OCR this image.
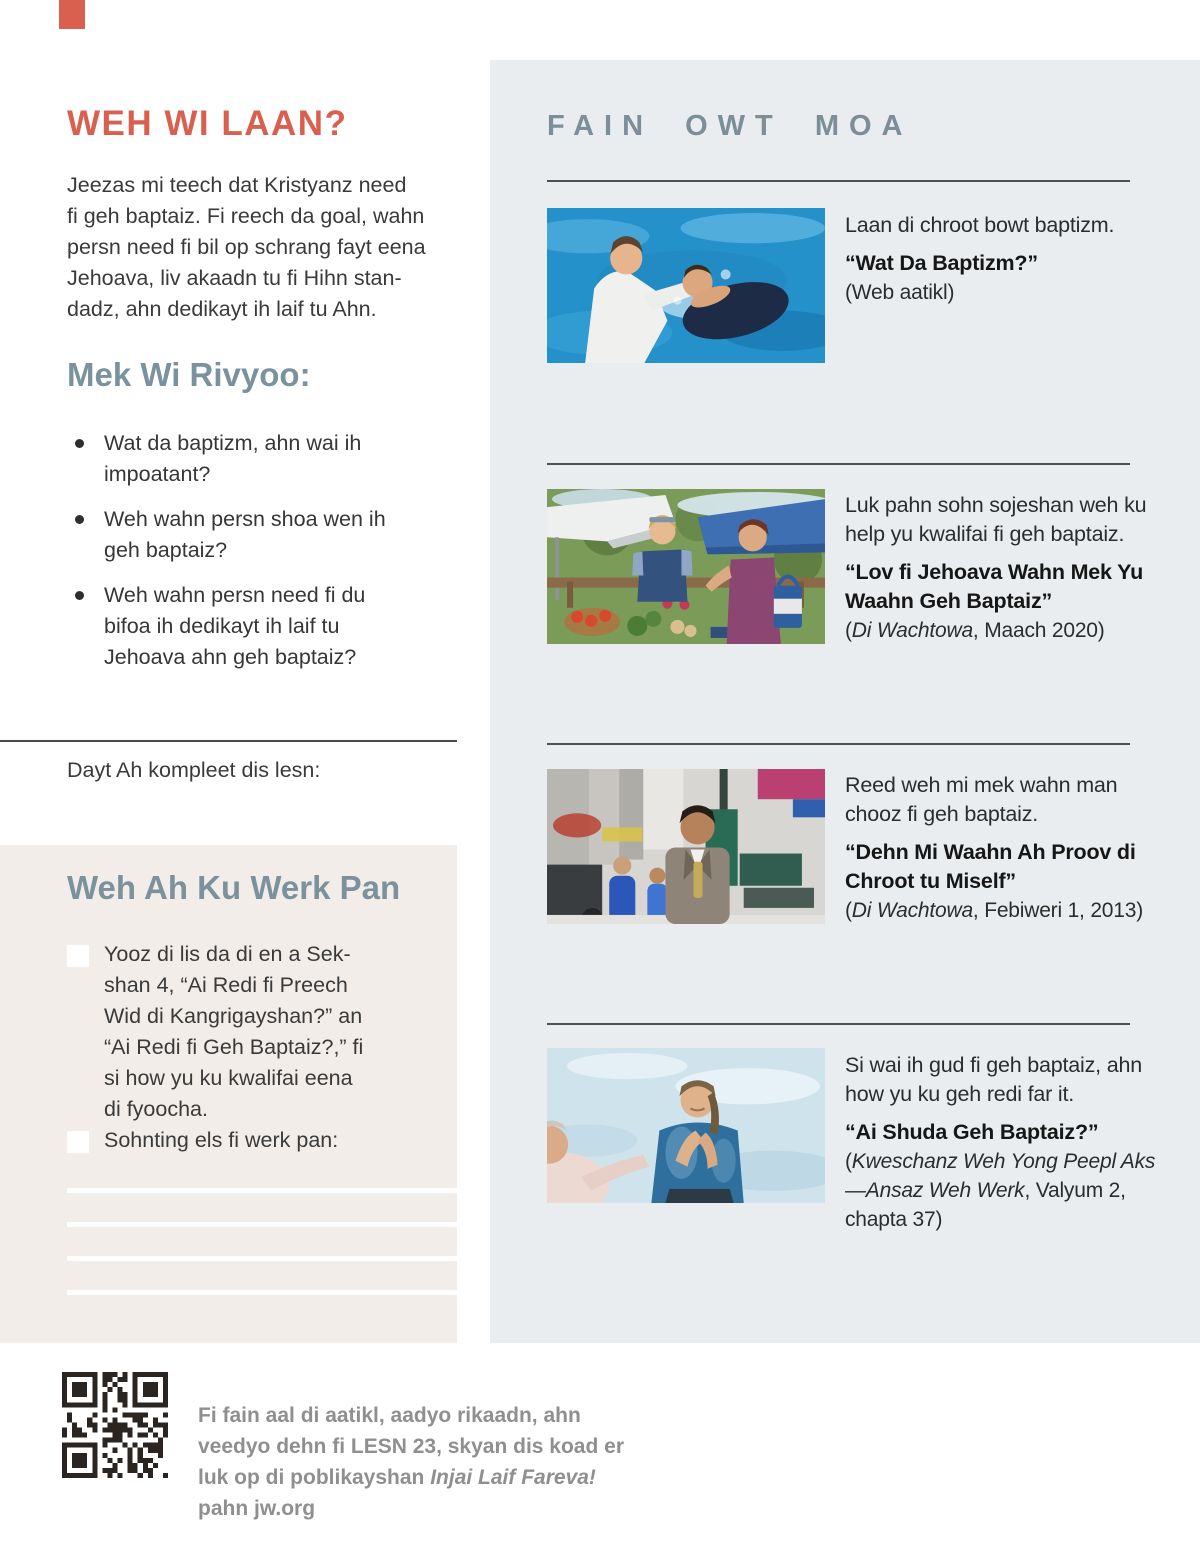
WEH WI LAAN?
Jeezas mi teech dat Kristyanz need
fi geh baptaiz. Fi reech da goal, wahn
persn need fi bil op schrang fayt eena
Jehoava, liv akaadn tu fi Hihn stan-
dadz, ahn dedikayt ih laif tu Ahn.
Mek Wi Rivyoo:
Wat da baptizm, ahn wai ih impoatant?
Weh wahn persn shoa wen ih geh baptaiz?
Weh wahn persn need fi du bifoa ih dedikayt ih laif tu Jehoava ahn geh baptaiz?
Dayt Ah kompleet dis lesn:
Weh Ah Ku Werk Pan
Yooz di lis da di en a Sek-
shan 4, “Ai Redi fi Preech
Wid di Kangrigayshan?” an
“Ai Redi fi Geh Baptaiz?,” fi
si how yu ku kwalifai eena
di fyoocha.
Sohnting els fi werk pan:
Fi fain aal di aatikl, aadyo rikaadn, ahn veedyo dehn fi LESN 23, skyan dis koad er luk op di poblikayshan Injai Laif Fareva! pahn jw.org
FAIN OWT MOA

Laan di chroot bowt baptizm.

“Wat Da Baptizm?”

(Web aatikl)

Luk pahn sohn sojeshan weh ku help yu kwalifai fi geh baptaiz.

“Lov fi Jehoava Wahn Mek Yu Waahn Geh Baptaiz”

(Di Wachtowa, Maach 2020)

Reed weh mi mek wahn man chooz fi geh baptaiz.

“Dehn Mi Waahn Ah Proov di Chroot tu Miself”

(Di Wachtowa, Febiweri 1, 2013)

Si wai ih gud fi geh baptaiz, ahn how yu ku geh redi far it.

“Ai Shuda Geh Baptaiz?”

(Kweschanz Weh Yong Peepl Aks —Ansaz Weh Werk, Valyum 2, chapta 37)
